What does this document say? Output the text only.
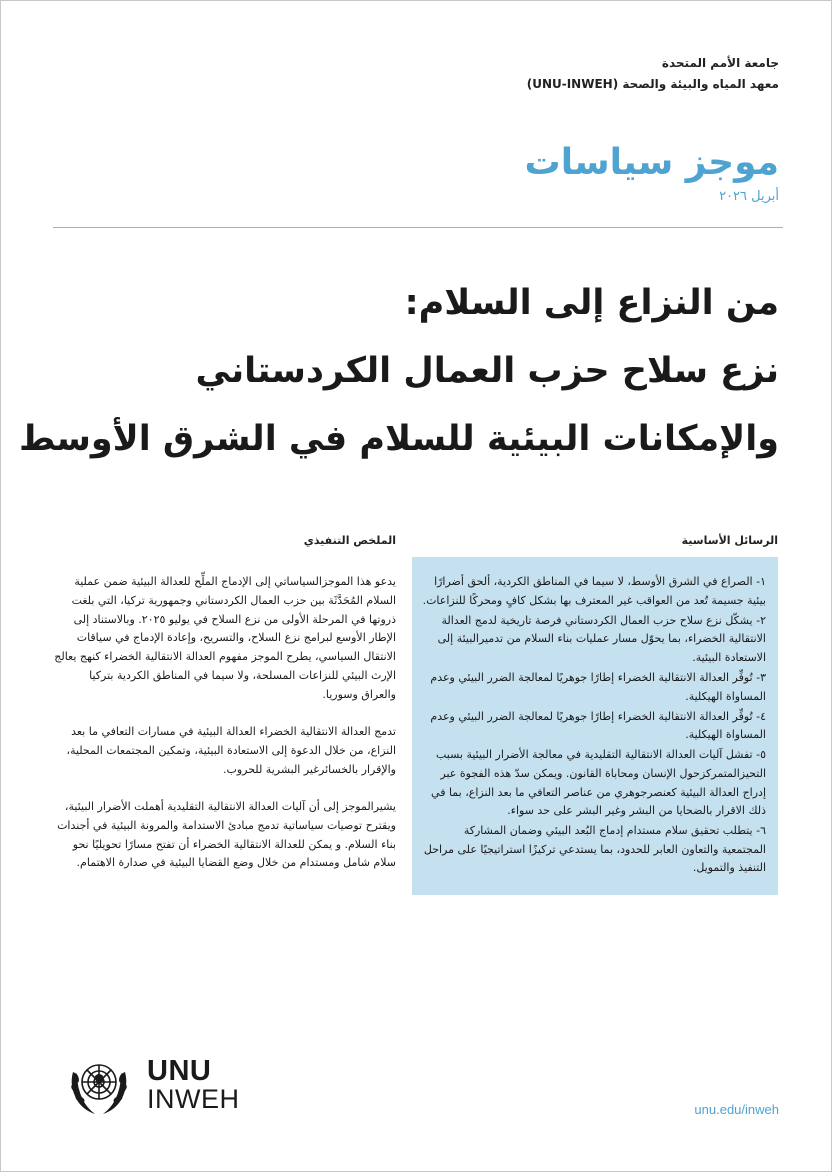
جامعة الأمم المتحدة
معهد المياه والبيئة والصحة (UNU-INWEH)
موجز سياسات
أبريل ٢٠٢٦
من النزاع إلى السلام:
نزع سلاح حزب العمال الكردستاني
والإمكانات البيئية للسلام في الشرق الأوسط
الرسائل الأساسية
الملخص التنفيذي
١- الصراع في الشرق الأوسط، لا سيما في المناطق الكردية، ألحق أضرارًا بيئية جسيمة تُعد من العواقب غير المعترف بها بشكل كافٍ ومحركًا للنزاعات.
٢- يشكّل نزع سلاح حزب العمال الكردستاني فرصة تاريخية لدمج العدالة الانتقالية الخضراء، بما يحوّل مسار عمليات بناء السلام من تدميرالبيئة إلى الاستعادة البيئية.
٣- تُوفِّر العدالة الانتقالية الخضراء إطارًا جوهريًا لمعالجة الضرر البيئي وعدم المساواة الهيكلية.
٤- تُوفِّر العدالة الانتقالية الخضراء إطارًا جوهريًا لمعالجة الضرر البيئي وعدم المساواة الهيكلية.
٥- تفشل آليات العدالة الانتقالية التقليدية في معالجة الأضرار البيئية بسبب التحيزالمتمركزحول الإنسان ومحاباة القانون. ويمكن سدّ هذه الفجوة عبر إدراج العدالة البيئية كعنصرجوهري من عناصر التعافي ما بعد النزاع، بما في ذلك الاقرار بالضحايا من البشر وغير البشر على حد سواء.
٦- يتطلب تحقيق سلام مستدام إدماج البُعد البيئي وضمان المشاركة المجتمعية والتعاون العابر للحدود، بما يستدعي تركيزًا استراتيجيًا على مراحل التنفيذ والتمويل.

يدعو هذا الموجزالسياساتي إلى الإدماج الملِّح للعدالة البيئية ضمن عملية السلام المُحَدَّثَة بين حزب العمال الكردستاني وجمهورية تركيا، التي بلغت ذروتها في المرحلة الأولى من نزع السلاح في يوليو ٢٠٢٥. وبالاستناد إلى الإطار الأوسع لبرامج نزع السلاح، والتسريح، وإعادة الإدماج في سياقات الانتقال السياسي، يطرح الموجز مفهوم العدالة الانتقالية الخضراء كنهج يعالج الإرث البيئي للنزاعات المسلحة، ولا سيما في المناطق الكردية بتركيا والعراق وسوريا.

تدمج العدالة الانتقالية الخضراء العدالة البيئية في مسارات التعافي ما بعد النزاع، من خلال الدعوة إلى الاستعادة البيئية، وتمكين المجتمعات المحلية، والإقرار بالخسائرغير البشرية للحروب.

يشيرالموجز إلى أن آليات العدالة الانتقالية التقليدية أهملت الأضرار البيئية، ويقترح توصيات سياساتية تدمج مبادئ الاستدامة والمرونة البيئية في أجندات بناء السلام. و يمكن للعدالة الانتقالية الخضراء أن تفتح مسارًا تحويليًا نحو سلام شامل ومستدام من خلال وضع القضايا البيئية في صدارة الاهتمام.

UNU
INWEH	unu.edu/inweh
